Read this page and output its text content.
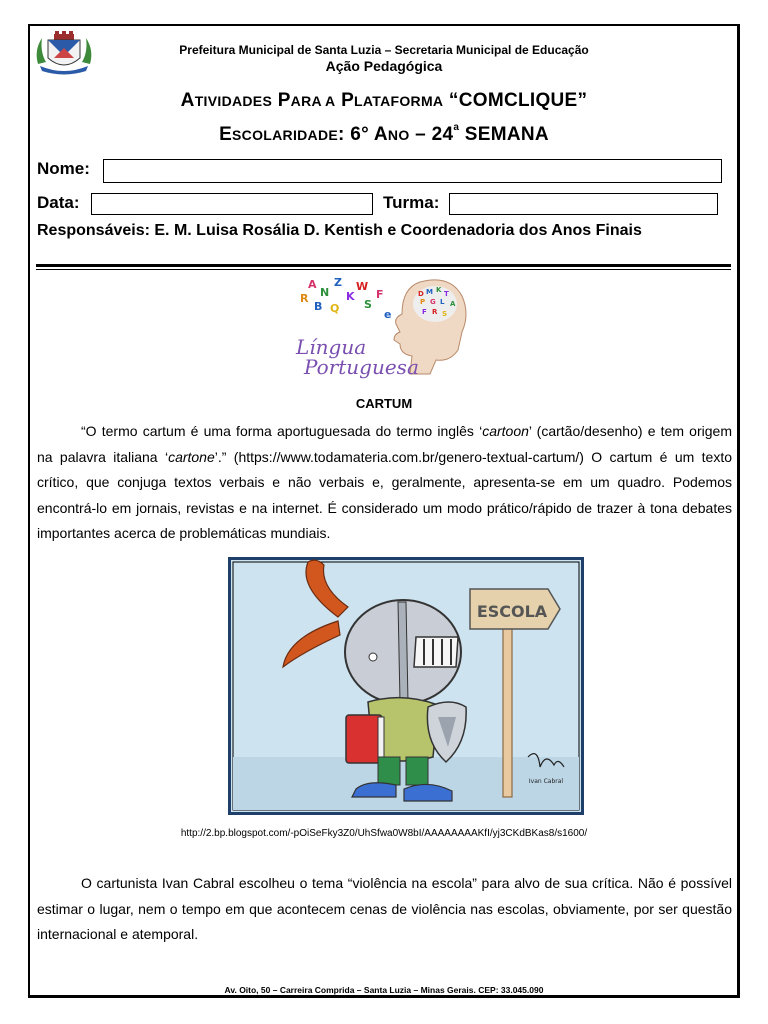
Prefeitura Municipal de Santa Luzia – Secretaria Municipal de Educação
Ação Pedagógica
ATIVIDADES PARA A PLATAFORMA “COMCLIQUE”
ESCOLARIDADE: 6° ANO – 24$^a$ SEMANA
Nome:
Data:	Turma:
Responsáveis: E. M. Luisa Rosália D. Kentish e Coordenadoria dos Anos Finais
A
N
Z
R	K
B
W
Q S
F
e
D M K T
P G L A
F R S
Língua
Portuguesa
CARTUM

“O termo cartum é uma forma aportuguesada do termo inglês ‘cartoon’ (cartão/desenho) e tem origem na palavra italiana ‘cartone’.” (https://www.todamateria.com.br/genero-textual-cartum/) O cartum é um texto crítico, que conjuga textos verbais e não verbais e, geralmente, apresenta-se em um quadro. Podemos encontrá-lo em jornais, revistas e na internet. É considerado um modo prático/rápido de trazer à tona debates importantes acerca de problemáticas mundiais.

ESCOLA
Ivan Cabral
http://2.bp.blogspot.com/-pOiSeFky3Z0/UhSfwa0W8bI/AAAAAAAAKfI/yj3CKdBKas8/s1600/

O cartunista Ivan Cabral escolheu o tema “violência na escola” para alvo de sua crítica. Não é possível estimar o lugar, nem o tempo em que acontecem cenas de violência nas escolas, obviamente, por ser questão internacional e atemporal.

Av. Oito, 50 – Carreira Comprida – Santa Luzia – Minas Gerais. CEP: 33.045.090
